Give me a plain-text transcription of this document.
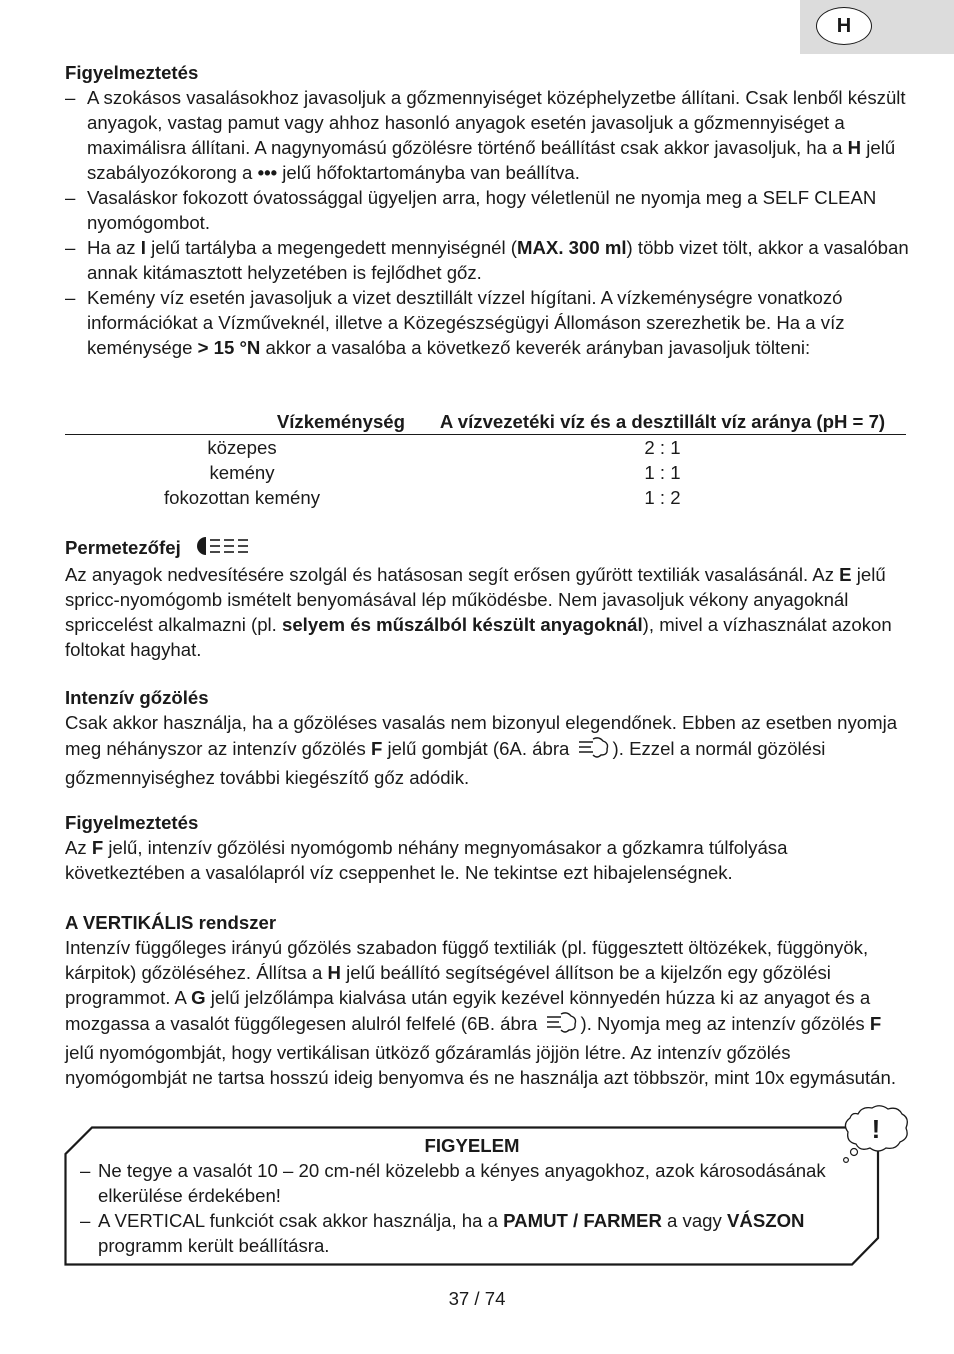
H

Figyelmeztetés

– A szokásos vasalásokhoz javasoljuk a gőzmennyiséget középhelyzetbe állítani. Csak lenből készült anyagok, vastag pamut vagy ahhoz hasonló anyagok esetén javasoljuk a gőzmennyiséget a maximálisra állítani. A nagynyomású gőzölésre történő beállítást csak akkor javasoljuk, ha a H jelű szabályozókorong a ••• jelű hőfoktartományba van beállítva.
– Vasaláskor fokozott óvatossággal ügyeljen arra, hogy véletlenül ne nyomja meg a SELF CLEAN nyomógombot.
– Ha az I jelű tartályba a megengedett mennyiségnél (MAX. 300 ml) több vizet tölt, akkor a vasalóban annak kitámasztott helyzetében is fejlődhet gőz.
– Kemény víz esetén javasoljuk a vizet desztillált vízzel hígítani. A vízkeménységre vonatkozó információkat a Vízműveknél, illetve a Közegészségügyi Állomáson szerezhetik be. Ha a víz keménysége > 15 °N akkor a vasalóba a következő keverék arányban javasoljuk tölteni:
Vízkeménység	A vízvezetéki víz és a desztillált víz aránya (pH = 7)
közepes	2 : 1
kemény	1 : 1
fokozottan kemény	1 : 2

Permetezőfej

Az anyagok nedvesítésére szolgál és hatásosan segít erősen gyűrött textiliák vasalásánál. Az E jelű spricc-nyomógomb ismételt benyomásával lép működésbe. Nem javasoljuk vékony anyagoknál spriccelést alkalmazni (pl. selyem és műszálból készült anyagoknál), mivel a vízhasználat azokon foltokat hagyhat.

Intenzív gőzölés

Csak akkor használja, ha a gőzöléses vasalás nem bizonyul elegendőnek. Ebben az esetben nyomja meg néhányszor az intenzív gőzölés F jelű gombját (6A. ábra ). Ezzel a normál gözölési gőzmennyiséghez további kiegészítő gőz adódik.

Figyelmeztetés

Az F jelű, intenzív gőzölési nyomógomb néhány megnyomásakor a gőzkamra túlfolyása következtében a vasalólapról víz cseppenhet le. Ne tekintse ezt hibajelenségnek.

A VERTIKÁLIS rendszer

Intenzív függőleges irányú gőzölés szabadon függő textiliák (pl. függesztett öltözékek, függönyök, kárpitok) gőzöléséhez. Állítsa a H jelű beállító segítségével állítson be a kijelzőn egy gőzölési programmot. A G jelű jelzőlámpa kialvása után egyik kezével könnyedén húzza ki az anyagot és a mozgassa a vasalót függőlegesen alulról felfelé (6B. ábra ). Nyomja meg az intenzív gőzölés F jelű nyomógombját, hogy vertikálisan ütköző gőzáramlás jöjjön létre. Az intenzív gőzölés nyomógombját ne tartsa hosszú ideig benyomva és ne használja azt többször, mint 10x egymásután.

FIGYELEM
– Ne tegye a vasalót 10 – 20 cm-nél közelebb a kényes anyagokhoz, azok károsodásának elkerülése érdekében!
– A VERTICAL funkciót csak akkor használja, ha a PAMUT / FARMER a vagy VÁSZON programm került beállításra.
!
37 / 74
